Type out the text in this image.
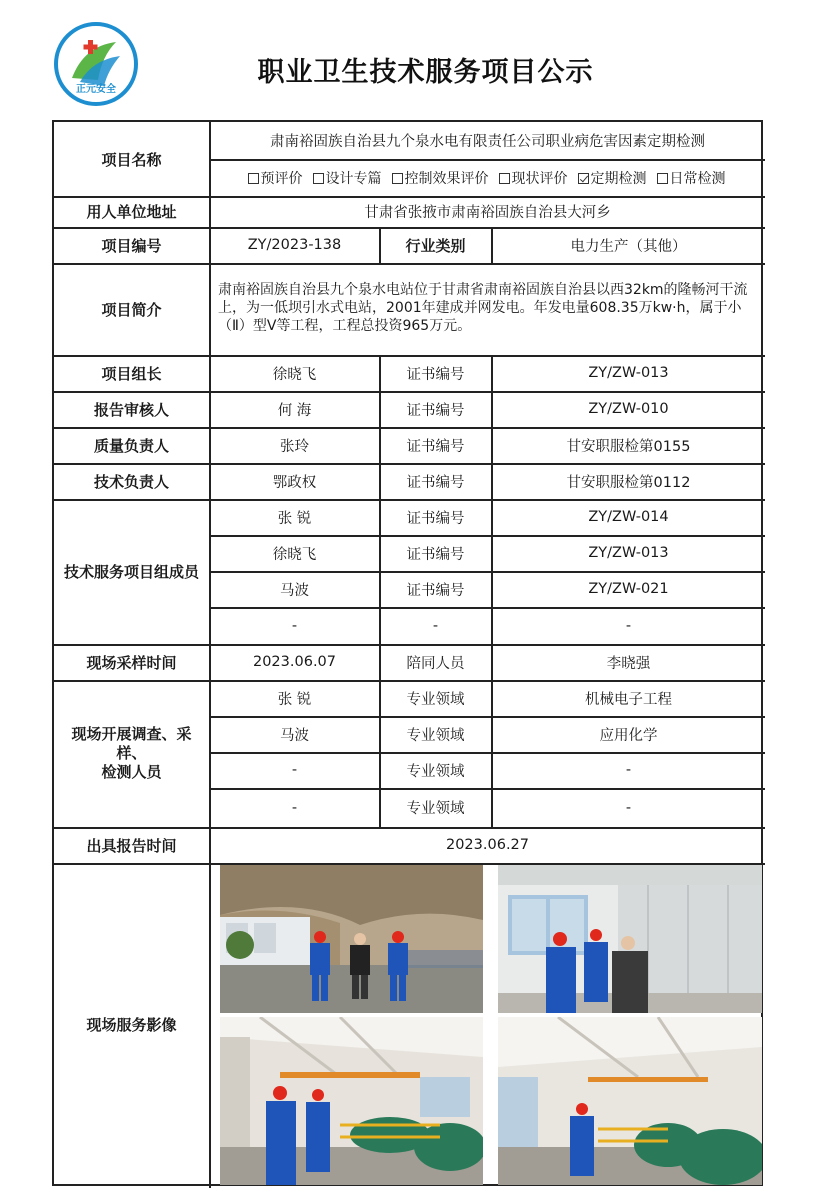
正元安全
职业卫生技术服务项目公示
项目名称
肃南裕固族自治县九个泉水电有限责任公司职业病危害因素定期检测
预评价 设计专篇 控制效果评价 现状评价 定期检测 日常检测
用人单位地址	甘肃省张掖市肃南裕固族自治县大河乡
项目编号	ZY/2023-138	行业类别	电力生产（其他）
项目简介
肃南裕固族自治县九个泉水电站位于甘肃省肃南裕固族自治县以西32km的隆畅河干流上，为一低坝引水式电站，2001年建成并网发电。年发电量608.35万kw·h，属于小（Ⅱ）型Ⅴ等工程，工程总投资965万元。
项目组长	徐晓飞	证书编号	ZY/ZW-013
报告审核人	何 海	证书编号	ZY/ZW-010
质量负责人	张玲	证书编号	甘安职服检第0155
技术负责人	鄂政权	证书编号	甘安职服检第0112
技术服务项目组成员
张 锐	证书编号	ZY/ZW-014
徐晓飞	证书编号	ZY/ZW-013
马波	证书编号	ZY/ZW-021
-	-	-
现场采样时间	2023.06.07	陪同人员	李晓强
现场开展调查、采样、
检测人员
张 锐	专业领域	机械电子工程
马波	专业领域	应用化学
-	专业领域	-
-	专业领域	-
出具报告时间	2023.06.27
现场服务影像
